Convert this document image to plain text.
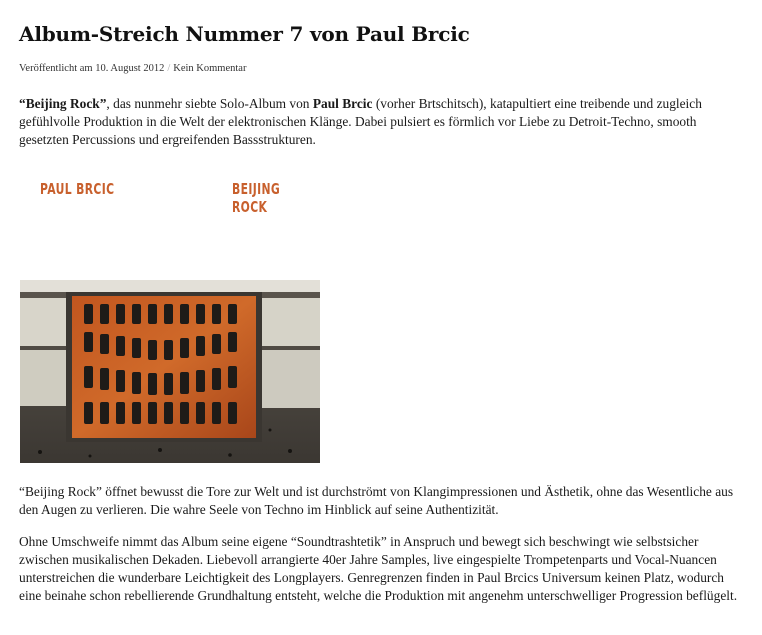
Album-Streich Nummer 7 von Paul Brcic
Veröffentlicht am 10. August 2012 / Kein Kommentar

“Beijing Rock”, das nunmehr siebte Solo-Album von Paul Brcic (vorher Brtschitsch), katapultiert eine treibende und zugleich gefühlvolle Produktion in die Welt der elektronischen Klänge. Dabei pulsiert es förmlich vor Liebe zu Detroit-Techno, smooth gesetzten Percussions und ergreifenden Bassstrukturen.

PAUL BRCIC	BEIJING ROCK

“Beijing Rock” öffnet bewusst die Tore zur Welt und ist durchströmt von Klangimpressionen und Ästhetik, ohne das Wesentliche aus den Augen zu verlieren. Die wahre Seele von Techno im Hinblick auf seine Authentizität.

Ohne Umschweife nimmt das Album seine eigene “Soundtrashtetik” in Anspruch und bewegt sich beschwingt wie selbstsicher zwischen musikalischen Dekaden. Liebevoll arrangierte 40er Jahre Samples, live eingespielte Trompetenparts und Vocal-Nuancen unterstreichen die wunderbare Leichtigkeit des Longplayers. Genregrenzen finden in Paul Brcics Universum keinen Platz, wodurch eine beinahe schon rebellierende Grundhaltung entsteht, welche die Produktion mit angenehm unterschwelliger Progression beflügelt.
